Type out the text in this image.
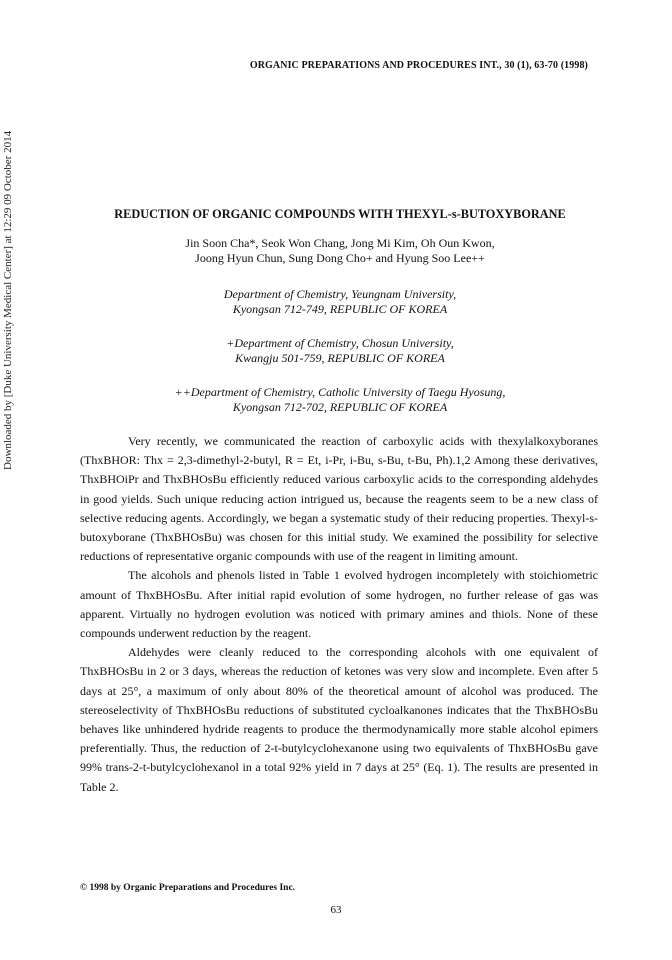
ORGANIC PREPARATIONS AND PROCEDURES INT., 30 (1), 63-70 (1998)
Downloaded by [Duke University Medical Center] at 12:29 09 October 2014	REDUCTION OF ORGANIC COMPOUNDS WITH THEXYL-s-BUTOXYBORANE
Jin Soon Cha*, Seok Won Chang, Jong Mi Kim, Oh Oun Kwon,
Joong Hyun Chun, Sung Dong Cho+ and Hyung Soo Lee++
Department of Chemistry, Yeungnam University,
Kyongsan 712-749, REPUBLIC OF KOREA
+Department of Chemistry, Chosun University,
Kwangju 501-759, REPUBLIC OF KOREA
++Department of Chemistry, Catholic University of Taegu Hyosung,
Kyongsan 712-702, REPUBLIC OF KOREA

Very recently, we communicated the reaction of carboxylic acids with thexylalkoxyboranes (ThxBHOR: Thx = 2,3-dimethyl-2-butyl, R = Et, i-Pr, i-Bu, s-Bu, t-Bu, Ph).1,2 Among these derivatives, ThxBHOiPr and ThxBHOsBu efficiently reduced various carboxylic acids to the corresponding aldehydes in good yields. Such unique reducing action intrigued us, because the reagents seem to be a new class of selective reducing agents. Accordingly, we began a systematic study of their reducing properties. Thexyl-s-butoxyborane (ThxBHOsBu) was chosen for this initial study. We examined the possibility for selective reductions of representative organic compounds with use of the reagent in limiting amount.

The alcohols and phenols listed in Table 1 evolved hydrogen incompletely with stoichiometric amount of ThxBHOsBu. After initial rapid evolution of some hydrogen, no further release of gas was apparent. Virtually no hydrogen evolution was noticed with primary amines and thiols. None of these compounds underwent reduction by the reagent.

Aldehydes were cleanly reduced to the corresponding alcohols with one equivalent of ThxBHOsBu in 2 or 3 days, whereas the reduction of ketones was very slow and incomplete. Even after 5 days at 25°, a maximum of only about 80% of the theoretical amount of alcohol was produced. The stereoselectivity of ThxBHOsBu reductions of substituted cycloalkanones indicates that the ThxBHOsBu behaves like unhindered hydride reagents to produce the thermodynamically more stable alcohol epimers preferentially. Thus, the reduction of 2-t-butylcyclohexanone using two equivalents of ThxBHOsBu gave 99% trans-2-t-butylcyclohexanol in a total 92% yield in 7 days at 25° (Eq. 1). The results are presented in Table 2.

© 1998 by Organic Preparations and Procedures Inc.
63
